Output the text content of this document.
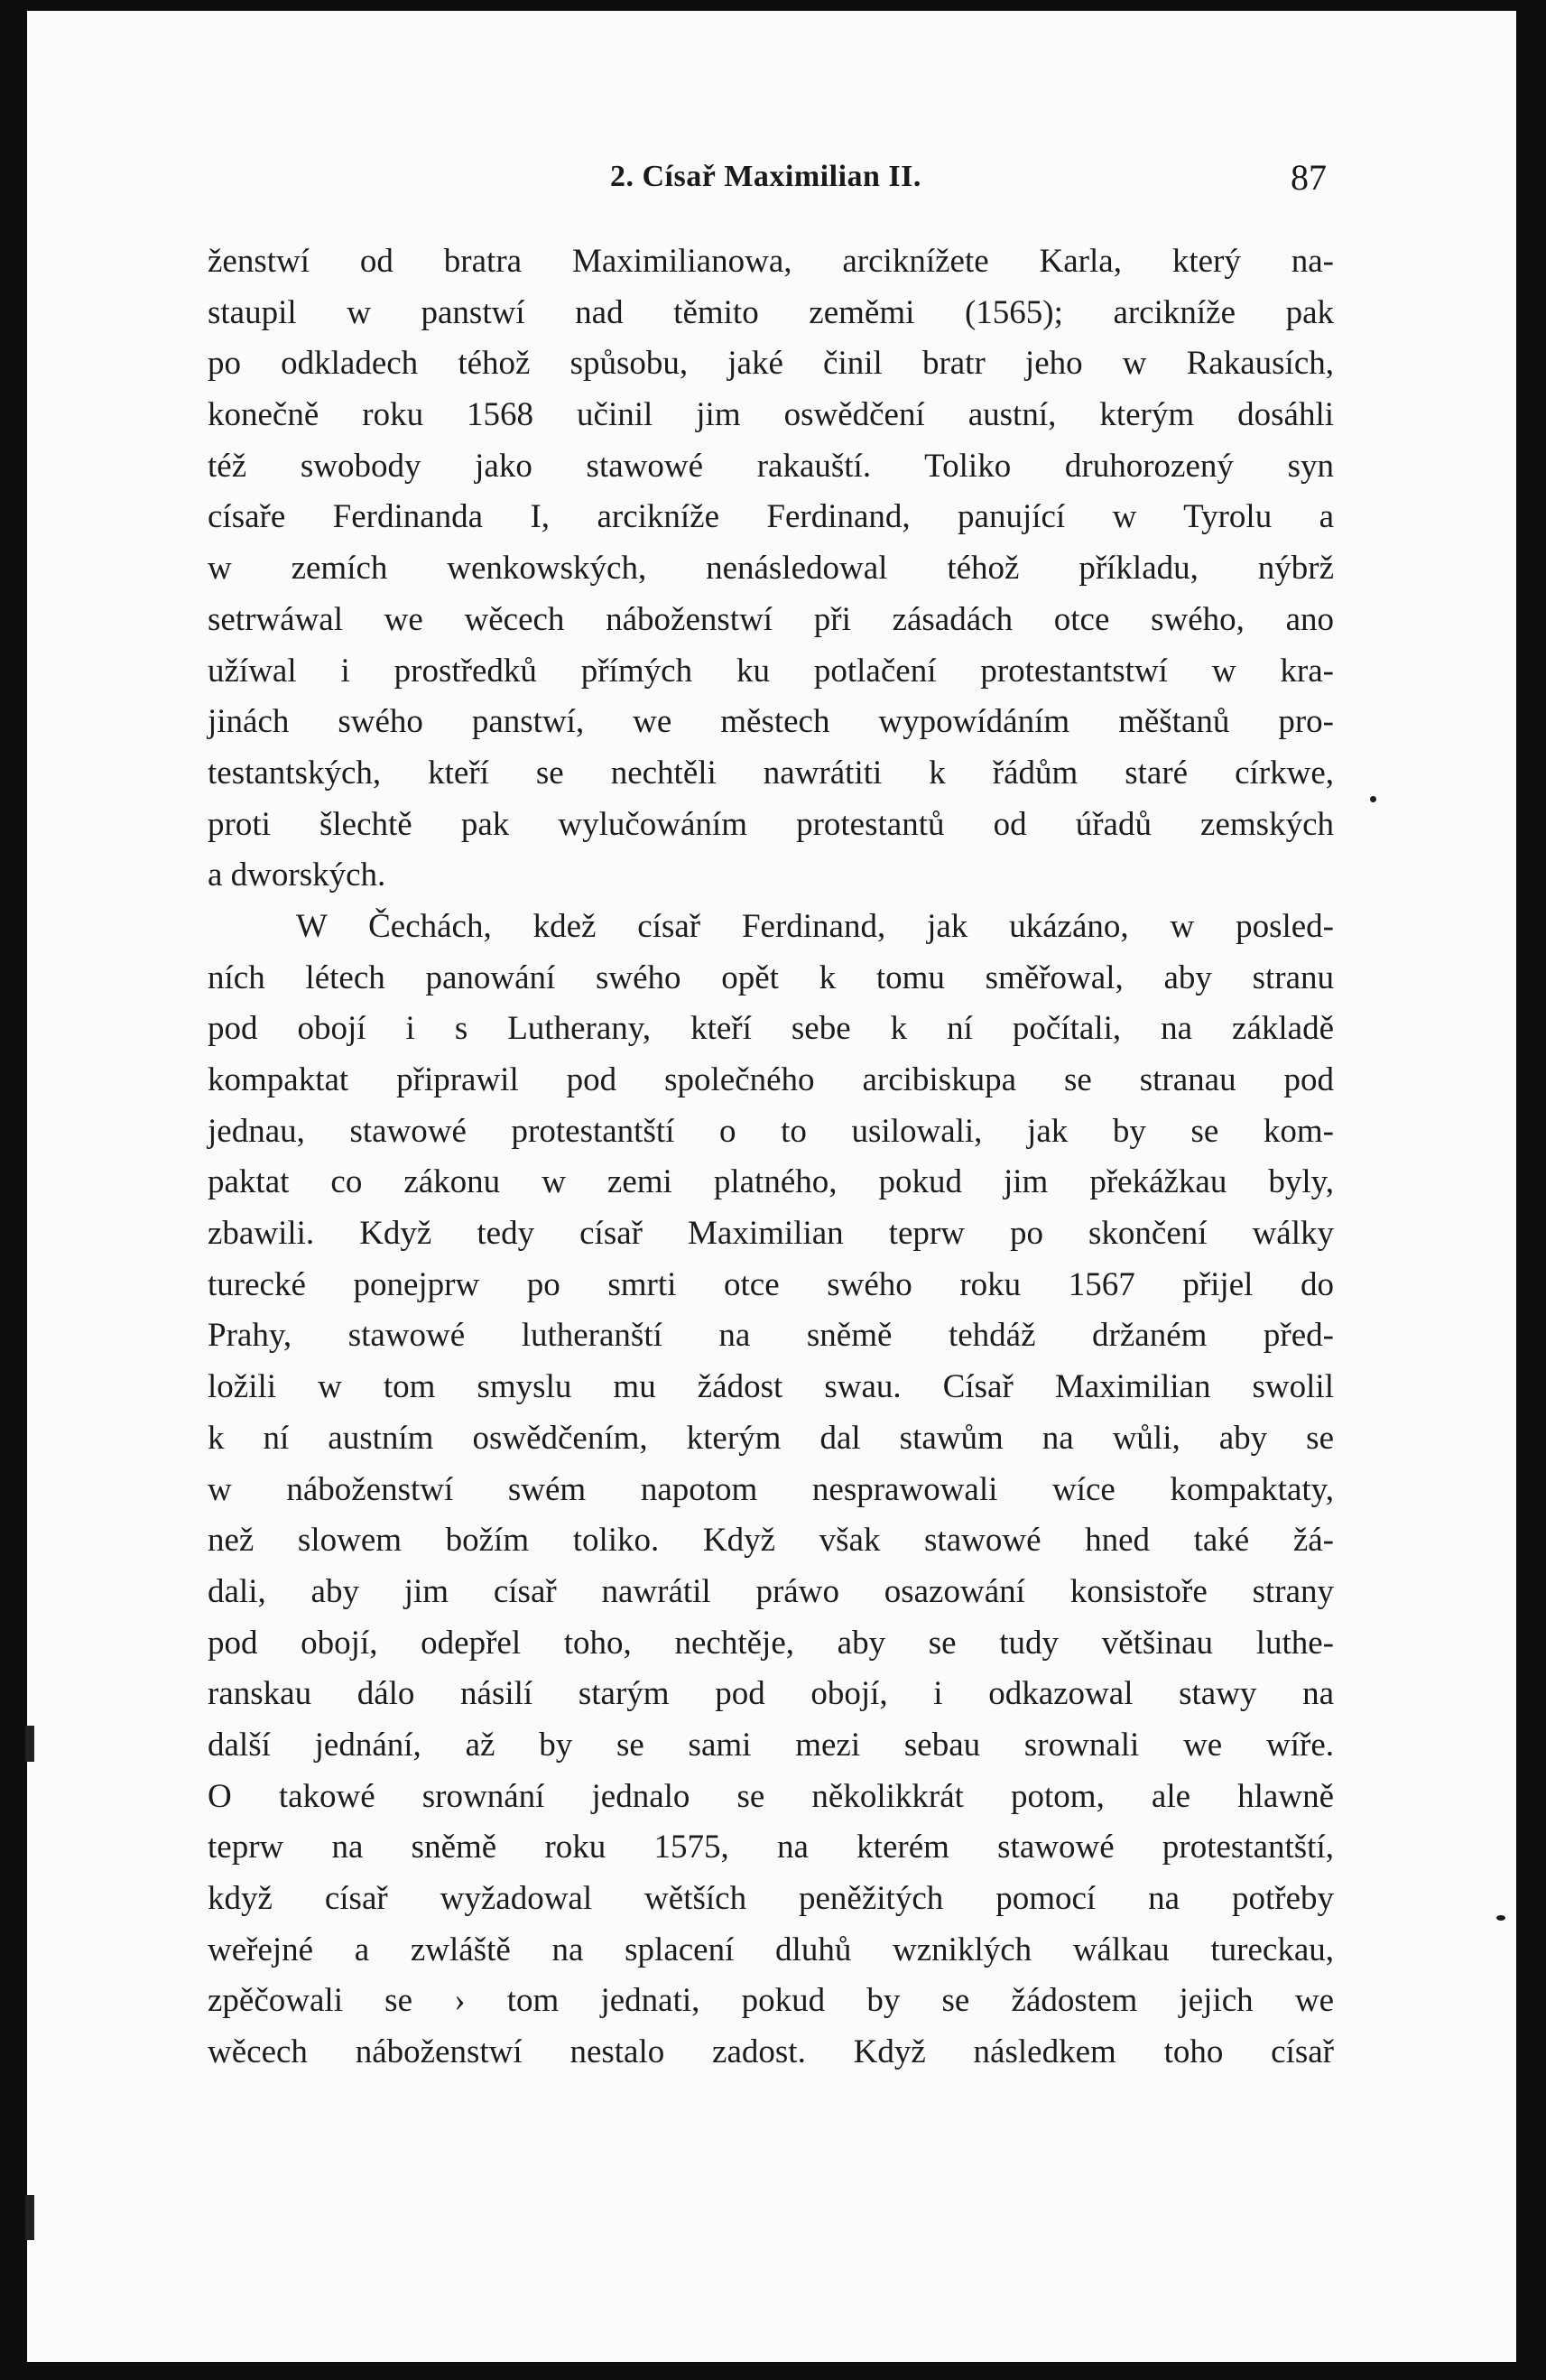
2. Císař Maximilian II.	87
ženstwí od bratra Maximilianowa, arciknížete Karla, který na-
staupil w panstwí nad těmito zeměmi (1565); arcikníže pak
po odkladech téhož spůsobu, jaké činil bratr jeho w Rakausích,
konečně roku 1568 učinil jim oswědčení austní, kterým dosáhli
též swobody jako stawowé rakauští. Toliko druhorozený syn
císaře Ferdinanda I, arcikníže Ferdinand, panující w Tyrolu a
w zemích wenkowských, nenásledowal téhož příkladu, nýbrž
setrwáwal we wěcech náboženstwí při zásadách otce swého, ano
užíwal i prostředků přímých ku potlačení protestantstwí w kra-
jinách swého panstwí, we městech wypowídáním měštanů pro-
testantských, kteří se nechtěli nawrátiti k řádům staré církwe,
proti šlechtě pak wylučowáním protestantů od úřadů zemských
a dworských.
W Čechách, kdež císař Ferdinand, jak ukázáno, w posled-
ních létech panowání swého opět k tomu směřowal, aby stranu
pod obojí i s Lutherany, kteří sebe k ní počítali, na základě
kompaktat připrawil pod společného arcibiskupa se stranau pod
jednau, stawowé protestantští o to usilowali, jak by se kom-
paktat co zákonu w zemi platného, pokud jim překážkau byly,
zbawili. Když tedy císař Maximilian teprw po skončení wálky
turecké ponejprw po smrti otce swého roku 1567 přijel do
Prahy, stawowé lutheranští na sněmě tehdáž držaném před-
ložili w tom smyslu mu žádost swau. Císař Maximilian swolil
k ní austním oswědčením, kterým dal stawům na wůli, aby se
w náboženstwí swém napotom nesprawowali wíce kompaktaty,
než slowem božím toliko. Když však stawowé hned také žá-
dali, aby jim císař nawrátil práwo osazowání konsistoře strany
pod obojí, odepřel toho, nechtěje, aby se tudy většinau luthe-
ranskau dálo násilí starým pod obojí, i odkazowal stawy na
další jednání, až by se sami mezi sebau srownali we wíře.
O takowé srownání jednalo se několikkrát potom, ale hlawně
teprw na sněmě roku 1575, na kterém stawowé protestantští,
když císař wyžadowal wětších peněžitých pomocí na potřeby
weřejné a zwláště na splacení dluhů wzniklých wálkau tureckau,
zpěčowali se › tom jednati, pokud by se žádostem jejich we
wěcech náboženstwí nestalo zadost. Když následkem toho císař
